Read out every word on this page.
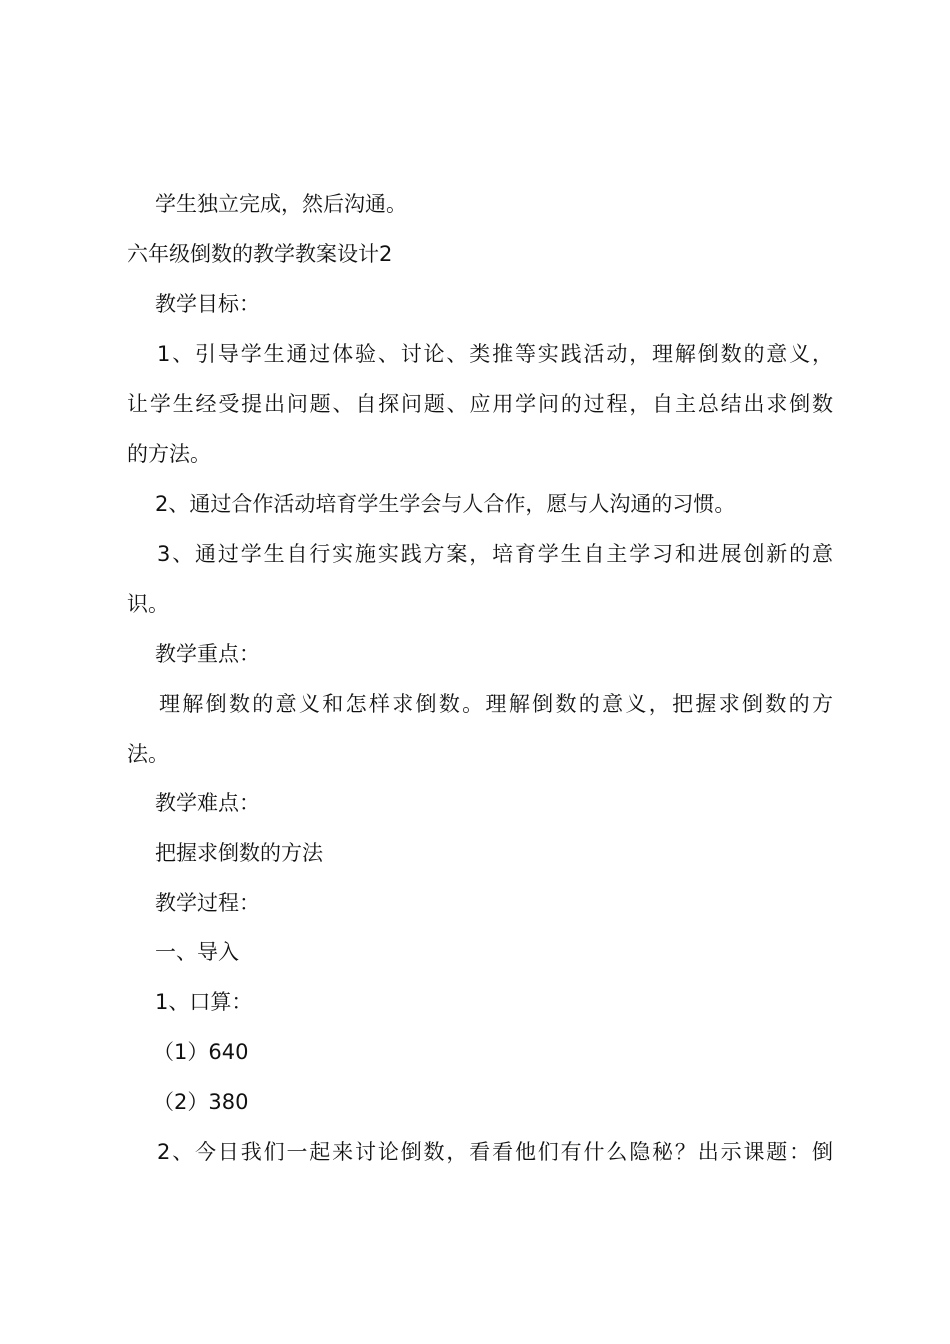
学生独立完成，然后沟通。
六年级倒数的教学教案设计2
教学目标：
1、引导学生通过体验、讨论、类推等实践活动，理解倒数的意义，
让学生经受提出问题、自探问题、应用学问的过程，自主总结出求倒数
的方法。
2、通过合作活动培育学生学会与人合作，愿与人沟通的习惯。
3、通过学生自行实施实践方案，培育学生自主学习和进展创新的意
识。
教学重点：
理解倒数的意义和怎样求倒数。理解倒数的意义，把握求倒数的方
法。
教学难点：
把握求倒数的方法
教学过程：
一、导入
1、口算：
（1）640
（2）380
2、今日我们一起来讨论倒数，看看他们有什么隐秘？出示课题：倒
